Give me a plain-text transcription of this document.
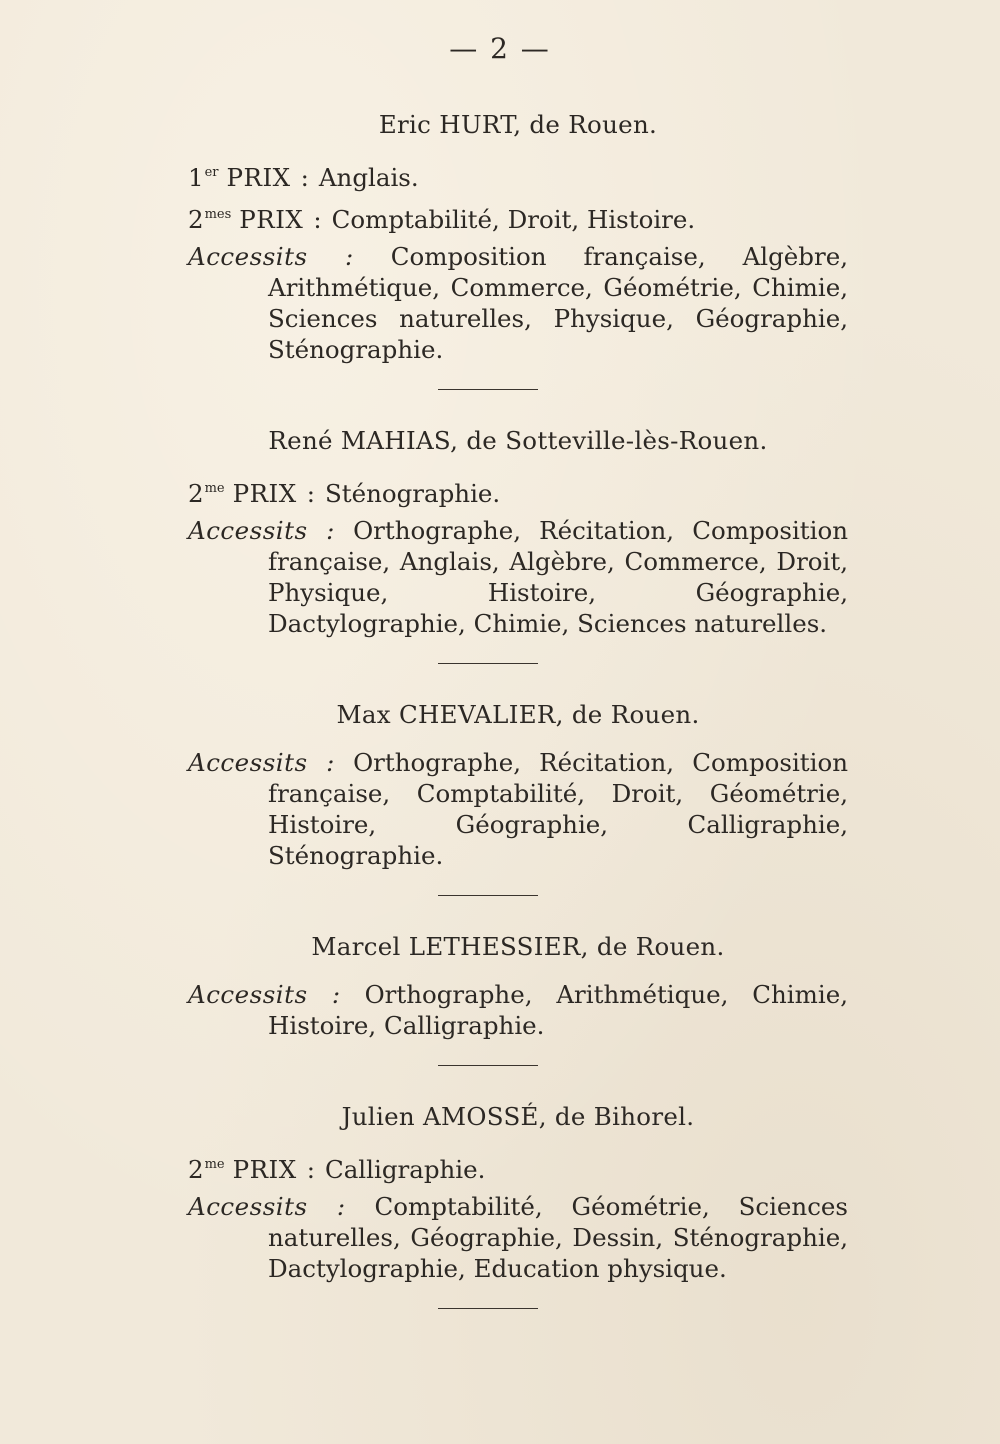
— 2 —

Eric HURT, de Rouen.

1er PRIX : Anglais.

$2^{mes}$ PRIX : Comptabilité, Droit, Histoire.

Accessits : Composition française, Algèbre, Arithmétique, Commerce, Géométrie, Chimie, Sciences naturelles, Physique, Géographie, Sténographie.

René MAHIAS, de Sotteville-lès-Rouen.

$2^{me}$ PRIX : Sténographie.

Accessits : Orthographe, Récitation, Composition française, Anglais, Algèbre, Commerce, Droit, Physique, Histoire, Géographie, Dactylographie, Chimie, Sciences naturelles.

Max CHEVALIER, de Rouen.

Accessits : Orthographe, Récitation, Composition française, Comptabilité, Droit, Géométrie, Histoire, Géographie, Calligraphie, Sténographie.

Marcel LETHESSIER, de Rouen.

Accessits : Orthographe, Arithmétique, Chimie, Histoire, Calligraphie.

Julien AMOSSÉ, de Bihorel.

$2^{me}$ PRIX : Calligraphie.

Accessits : Comptabilité, Géométrie, Sciences naturelles, Géographie, Dessin, Sténographie, Dactylographie, Education physique.
